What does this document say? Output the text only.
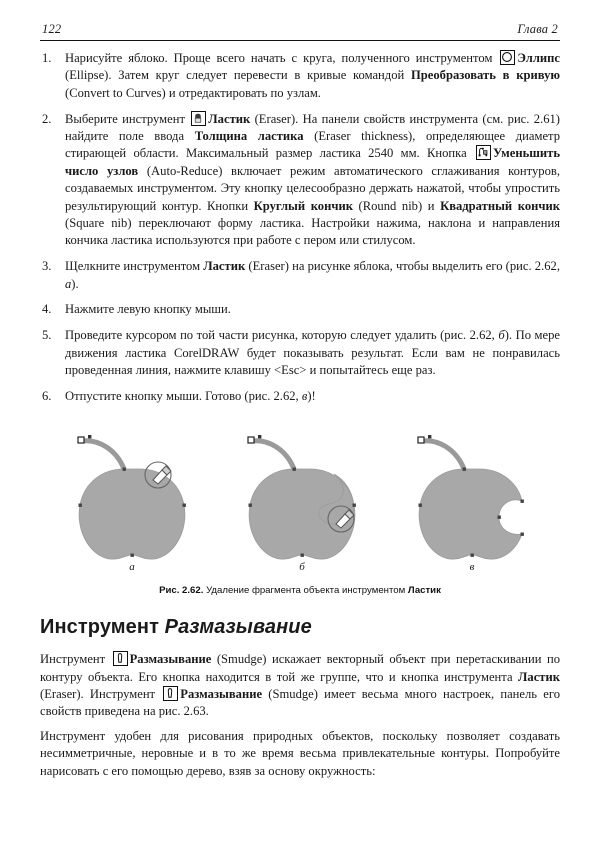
122	Глава 2
1.	Нарисуйте яблоко. Проще всего начать с круга, полученного инструментом
Эллипс (Ellipse). Затем круг следует перевести в кривые командой Преобразовать в кривую (Convert to Curves) и отредактировать по узлам.
2.	Выберите инструмент
Ластик (Eraser). На панели свойств инструмента (см. рис. 2.61) найдите поле ввода Толщина ластика (Eraser thickness), определяющее диаметр стирающей области. Максимальный размер ластика 2540 мм. Кнопка
Уменьшить число узлов (Auto-Reduce) включает режим автоматического сглаживания контуров, создаваемых инструментом. Эту кнопку целесообразно держать нажатой, чтобы упростить результирующий контур. Кнопки Круглый кончик (Round nib) и Квадратный кончик (Square nib) переключают форму ластика. Настройки нажима, наклона и направления кончика ластика используются при работе с пером или стилусом.
3.	Щелкните инструментом Ластик (Eraser) на рисунке яблока, чтобы выделить его (рис. 2.62, а).
4.	Нажмите левую кнопку мыши.
5.	Проведите курсором по той части рисунка, которую следует удалить (рис. 2.62, б). По мере движения ластика CorelDRAW будет показывать результат. Если вам не понравилась проведенная линия, нажмите клавишу <Esc> и попытайтесь еще раз.
6.	Отпустите кнопку мыши. Готово (рис. 2.62, в)!
а	б	в
Рис. 2.62. Удаление фрагмента объекта инструментом Ластик
Инструмент Размазывание

Инструмент
Размазывание (Smudge) искажает векторный объект при перетаскивании по контуру объекта. Его кнопка находится в той же группе, что и кнопка инструмента Ластик (Eraser). Инструмент
Размазывание (Smudge) имеет весьма много настроек, панель его свойств приведена на рис. 2.63.

Инструмент удобен для рисования природных объектов, поскольку позволяет создавать несимметричные, неровные и в то же время весьма привлекательные контуры. Попробуйте нарисовать с его помощью дерево, взяв за основу окружность:
